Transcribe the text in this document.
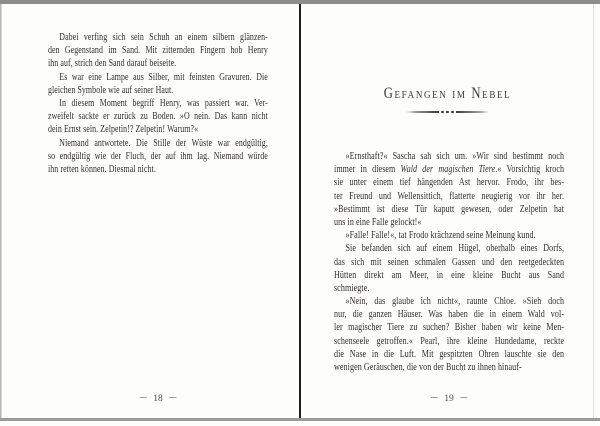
Dabei verfing sich sein Schuh an einem silbern glänzen-
den Gegenstand im Sand. Mit zitternden Fingern hob Henry
ihn auf, strich den Sand darauf beiseite.
Es war eine Lampe aus Silber, mit feinsten Gravuren. Die
gleichen Symbole wie auf seiner Haut.
In diesem Moment begriff Henry, was passiert war. Ver-
zweifelt sackte er zurück zu Boden. »O nein. Das kann nicht
dein Ernst sein. Zelpetin!? Zelpetin! Warum?«
Niemand antwortete. Die Stille der Wüste war endgültig,
so endgültig wie der Fluch, der auf ihm lag. Niemand würde
ihn retten können. Diesmal nicht.
⁓ 18 ⁓
Gefangen im Nebel
»Ernsthaft?« Sascha sah sich um. »Wir sind bestimmt noch
immer in diesem Wald der magischen Tiere.« Vorsichtig kroch
sie unter einem tief hängenden Ast hervor. Frodo, ihr bes-
ter Freund und Wellensittich, flatterte neugierig vor ihr her.
»Bestimmt ist diese Tür kaputt gewesen, oder Zelpetin hat
uns in eine Falle gelockt!«
»Falle! Falle!«, tat Frodo krächzend seine Meinung kund.
Sie befanden sich auf einem Hügel, oberhalb eines Dorfs,
das sich mit seinen schmalen Gassen und den reetgedeckten
Hütten direkt am Meer, in eine kleine Bucht aus Sand
schmiegte.
»Nein, das glaube ich nicht«, raunte Chloe. »Sieh doch
nur, die ganzen Häuser. Was haben die in einem Wald vol-
ler magischer Tiere zu suchen? Bisher haben wir keine Men-
schenseele getroffen.« Pearl, ihre kleine Hundedame, reckte
die Nase in die Luft. Mit gespitzten Ohren lauschte sie den
wenigen Geräuschen, die von der Bucht zu ihnen hinauf-
⁓ 19 ⁓
